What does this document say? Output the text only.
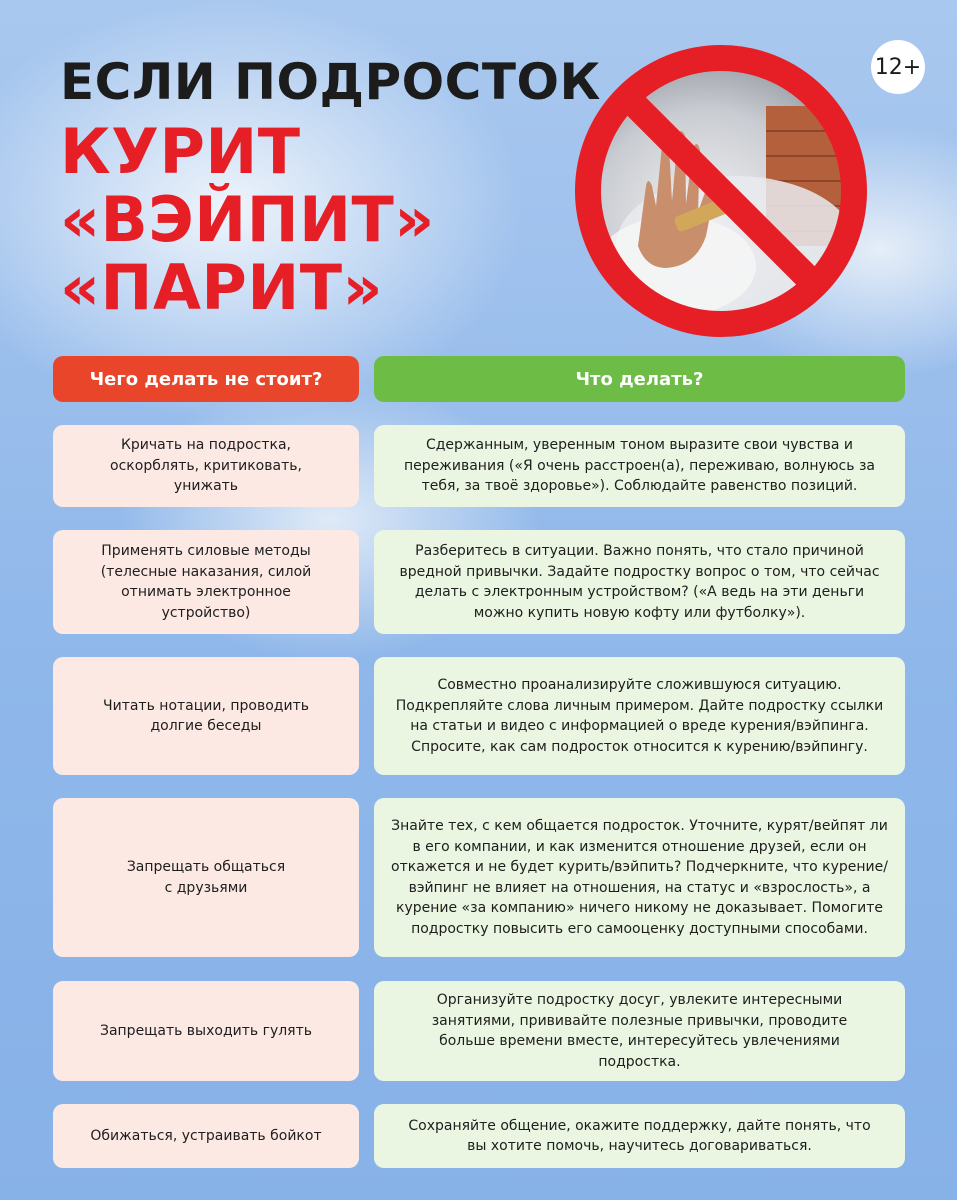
ЕСЛИ ПОДРОСТОК
КУРИТ
«ВЭЙПИТ»
«ПАРИТ»
12+
Чего делать не стоит?	Что делать?
Кричать на подростка, оскорблять, критиковать, унижать
Сдержанным, уверенным тоном выразите свои чувства и переживания («Я очень расстроен(а), переживаю, волнуюсь за тебя, за твоё здоровье»). Соблюдайте равенство позиций.
Применять силовые методы (телесные наказания, силой отнимать электронное устройство)
Разберитесь в ситуации. Важно понять, что стало причиной вредной привычки. Задайте подростку вопрос о том, что сейчас делать с электронным устройством? («А ведь на эти деньги можно купить новую кофту или футболку»).
Читать нотации, проводить долгие беседы
Совместно проанализируйте сложившуюся ситуацию. Подкрепляйте слова личным примером. Дайте подростку ссылки на статьи и видео с информацией о вреде курения/вэйпинга. Спросите, как сам подросток относится к курению/вэйпингу.
Запрещать общаться с друзьями
Знайте тех, с кем общается подросток. Уточните, курят/вейпят ли в его компании, и как изменится отношение друзей, если он откажется и не будет курить/вэйпить? Подчеркните, что курение/вэйпинг не влияет на отношения, на статус и «взрослость», а курение «за компанию» ничего никому не доказывает. Помогите подростку повысить его самооценку доступными способами.
Запрещать выходить гулять
Организуйте подростку досуг, увлеките интересными занятиями, прививайте полезные привычки, проводите больше времени вместе, интересуйтесь увлечениями подростка.
Обижаться, устраивать бойкот
Сохраняйте общение, окажите поддержку, дайте понять, что вы хотите помочь, научитесь договариваться.
